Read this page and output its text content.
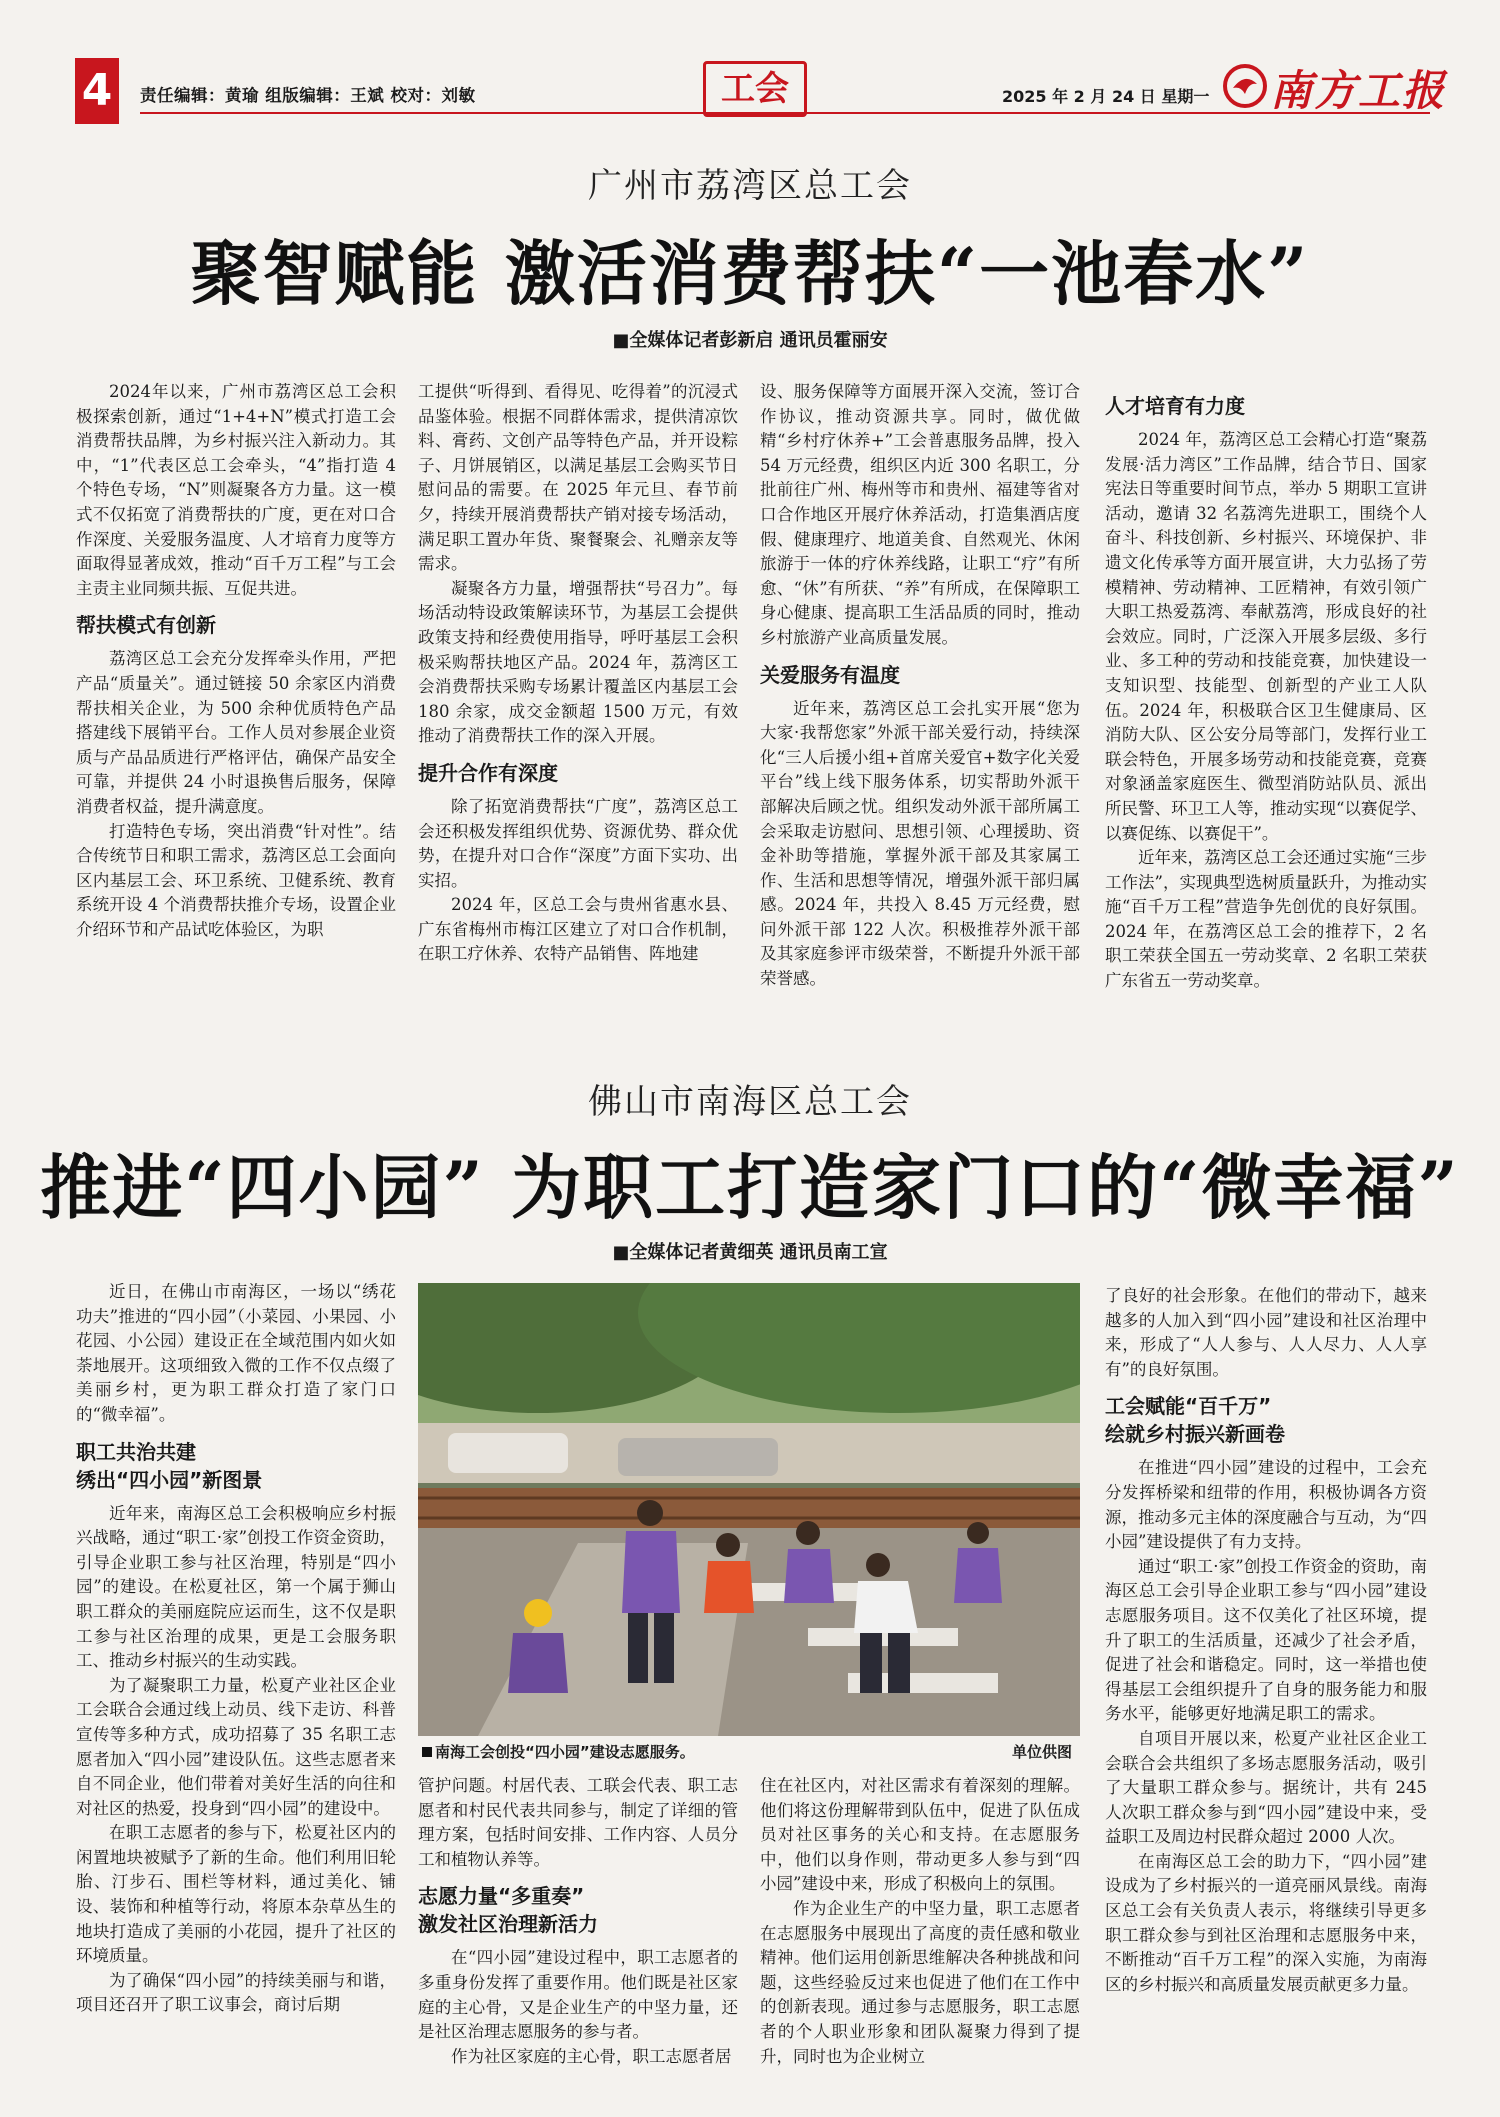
4	责任编辑：黄瑜 组版编辑：王斌 校对：刘敏	工会	2025 年 2 月 24 日 星期一 南方工报
广州市荔湾区总工会
聚智赋能 激活消费帮扶“一池春水”
■全媒体记者彭新启 通讯员霍丽安

2024年以来，广州市荔湾区总工会积极探索创新，通过“1+4+N”模式打造工会消费帮扶品牌，为乡村振兴注入新动力。其中，“1”代表区总工会牵头，“4”指打造 4 个特色专场，“N”则凝聚各方力量。这一模式不仅拓宽了消费帮扶的广度，更在对口合作深度、关爱服务温度、人才培育力度等方面取得显著成效，推动“百千万工程”与工会主责主业同频共振、互促共进。

帮扶模式有创新

荔湾区总工会充分发挥牵头作用，严把产品“质量关”。通过链接 50 余家区内消费帮扶相关企业，为 500 余种优质特色产品搭建线下展销平台。工作人员对参展企业资质与产品品质进行严格评估，确保产品安全可靠，并提供 24 小时退换售后服务，保障消费者权益，提升满意度。

打造特色专场，突出消费“针对性”。结合传统节日和职工需求，荔湾区总工会面向区内基层工会、环卫系统、卫健系统、教育系统开设 4 个消费帮扶推介专场，设置企业介绍环节和产品试吃体验区，为职

工提供“听得到、看得见、吃得着”的沉浸式品鉴体验。根据不同群体需求，提供清凉饮料、膏药、文创产品等特色产品，并开设粽子、月饼展销区，以满足基层工会购买节日慰问品的需要。在 2025 年元旦、春节前夕，持续开展消费帮扶产销对接专场活动，满足职工置办年货、聚餐聚会、礼赠亲友等需求。

凝聚各方力量，增强帮扶“号召力”。每场活动特设政策解读环节，为基层工会提供政策支持和经费使用指导，呼吁基层工会积极采购帮扶地区产品。2024 年，荔湾区工会消费帮扶采购专场累计覆盖区内基层工会 180 余家，成交金额超 1500 万元，有效推动了消费帮扶工作的深入开展。

提升合作有深度

除了拓宽消费帮扶“广度”，荔湾区总工会还积极发挥组织优势、资源优势、群众优势，在提升对口合作“深度”方面下实功、出实招。

2024 年，区总工会与贵州省惠水县、广东省梅州市梅江区建立了对口合作机制，在职工疗休养、农特产品销售、阵地建

设、服务保障等方面展开深入交流，签订合作协议，推动资源共享。同时，做优做精“乡村疗休养+”工会普惠服务品牌，投入 54 万元经费，组织区内近 300 名职工，分批前往广州、梅州等市和贵州、福建等省对口合作地区开展疗休养活动，打造集酒店度假、健康理疗、地道美食、自然观光、休闲旅游于一体的疗休养线路，让职工“疗”有所愈、“休”有所获、“养”有所成，在保障职工身心健康、提高职工生活品质的同时，推动乡村旅游产业高质量发展。

关爱服务有温度

近年来，荔湾区总工会扎实开展“您为大家·我帮您家”外派干部关爱行动，持续深化“三人后援小组+首席关爱官+数字化关爱平台”线上线下服务体系，切实帮助外派干部解决后顾之忧。组织发动外派干部所属工会采取走访慰问、思想引领、心理援助、资金补助等措施，掌握外派干部及其家属工作、生活和思想等情况，增强外派干部归属感。2024 年，共投入 8.45 万元经费，慰问外派干部 122 人次。积极推荐外派干部及其家庭参评市级荣誉，不断提升外派干部荣誉感。

人才培育有力度

2024 年，荔湾区总工会精心打造“聚荔发展·活力湾区”工作品牌，结合节日、国家宪法日等重要时间节点，举办 5 期职工宣讲活动，邀请 32 名荔湾先进职工，围绕个人奋斗、科技创新、乡村振兴、环境保护、非遗文化传承等方面开展宣讲，大力弘扬了劳模精神、劳动精神、工匠精神，有效引领广大职工热爱荔湾、奉献荔湾，形成良好的社会效应。同时，广泛深入开展多层级、多行业、多工种的劳动和技能竞赛，加快建设一支知识型、技能型、创新型的产业工人队伍。2024 年，积极联合区卫生健康局、区消防大队、区公安分局等部门，发挥行业工联会特色，开展多场劳动和技能竞赛，竞赛对象涵盖家庭医生、微型消防站队员、派出所民警、环卫工人等，推动实现“以赛促学、以赛促练、以赛促干”。

近年来，荔湾区总工会还通过实施“三步工作法”，实现典型选树质量跃升，为推动实施“百千万工程”营造争先创优的良好氛围。2024 年，在荔湾区总工会的推荐下，2 名职工荣获全国五一劳动奖章、2 名职工荣获广东省五一劳动奖章。

佛山市南海区总工会
推进“四小园” 为职工打造家门口的“微幸福”
■全媒体记者黄细英 通讯员南工宣

近日，在佛山市南海区，一场以“绣花功夫”推进的“四小园”（小菜园、小果园、小花园、小公园）建设正在全域范围内如火如荼地展开。这项细致入微的工作不仅点缀了美丽乡村，更为职工群众打造了家门口的“微幸福”。

职工共治共建
绣出“四小园”新图景

近年来，南海区总工会积极响应乡村振兴战略，通过“职工·家”创投工作资金资助，引导企业职工参与社区治理，特别是“四小园”的建设。在松夏社区，第一个属于狮山职工群众的美丽庭院应运而生，这不仅是职工参与社区治理的成果，更是工会服务职工、推动乡村振兴的生动实践。

为了凝聚职工力量，松夏产业社区企业工会联合会通过线上动员、线下走访、科普宣传等多种方式，成功招募了 35 名职工志愿者加入“四小园”建设队伍。这些志愿者来自不同企业，他们带着对美好生活的向往和对社区的热爱，投身到“四小园”的建设中。

在职工志愿者的参与下，松夏社区内的闲置地块被赋予了新的生命。他们利用旧轮胎、汀步石、围栏等材料，通过美化、铺设、装饰和种植等行动，将原本杂草丛生的地块打造成了美丽的小花园，提升了社区的环境质量。

为了确保“四小园”的持续美丽与和谐，项目还召开了职工议事会，商讨后期

南海工会创投“四小园”建设志愿服务。	单位供图

管护问题。村居代表、工联会代表、职工志愿者和村民代表共同参与，制定了详细的管理方案，包括时间安排、工作内容、人员分工和植物认养等。

志愿力量“多重奏”
激发社区治理新活力

在“四小园”建设过程中，职工志愿者的多重身份发挥了重要作用。他们既是社区家庭的主心骨，又是企业生产的中坚力量，还是社区治理志愿服务的参与者。

作为社区家庭的主心骨，职工志愿者居

住在社区内，对社区需求有着深刻的理解。他们将这份理解带到队伍中，促进了队伍成员对社区事务的关心和支持。在志愿服务中，他们以身作则，带动更多人参与到“四小园”建设中来，形成了积极向上的氛围。

作为企业生产的中坚力量，职工志愿者在志愿服务中展现出了高度的责任感和敬业精神。他们运用创新思维解决各种挑战和问题，这些经验反过来也促进了他们在工作中的创新表现。通过参与志愿服务，职工志愿者的个人职业形象和团队凝聚力得到了提升，同时也为企业树立

了良好的社会形象。在他们的带动下，越来越多的人加入到“四小园”建设和社区治理中来，形成了“人人参与、人人尽力、人人享有”的良好氛围。

工会赋能“百千万”
绘就乡村振兴新画卷

在推进“四小园”建设的过程中，工会充分发挥桥梁和纽带的作用，积极协调各方资源，推动多元主体的深度融合与互动，为“四小园”建设提供了有力支持。

通过“职工·家”创投工作资金的资助，南海区总工会引导企业职工参与“四小园”建设志愿服务项目。这不仅美化了社区环境，提升了职工的生活质量，还减少了社会矛盾，促进了社会和谐稳定。同时，这一举措也使得基层工会组织提升了自身的服务能力和服务水平，能够更好地满足职工的需求。

自项目开展以来，松夏产业社区企业工会联合会共组织了多场志愿服务活动，吸引了大量职工群众参与。据统计，共有 245 人次职工群众参与到“四小园”建设中来，受益职工及周边村民群众超过 2000 人次。

在南海区总工会的助力下，“四小园”建设成为了乡村振兴的一道亮丽风景线。南海区总工会有关负责人表示，将继续引导更多职工群众参与到社区治理和志愿服务中来，不断推动“百千万工程”的深入实施，为南海区的乡村振兴和高质量发展贡献更多力量。
